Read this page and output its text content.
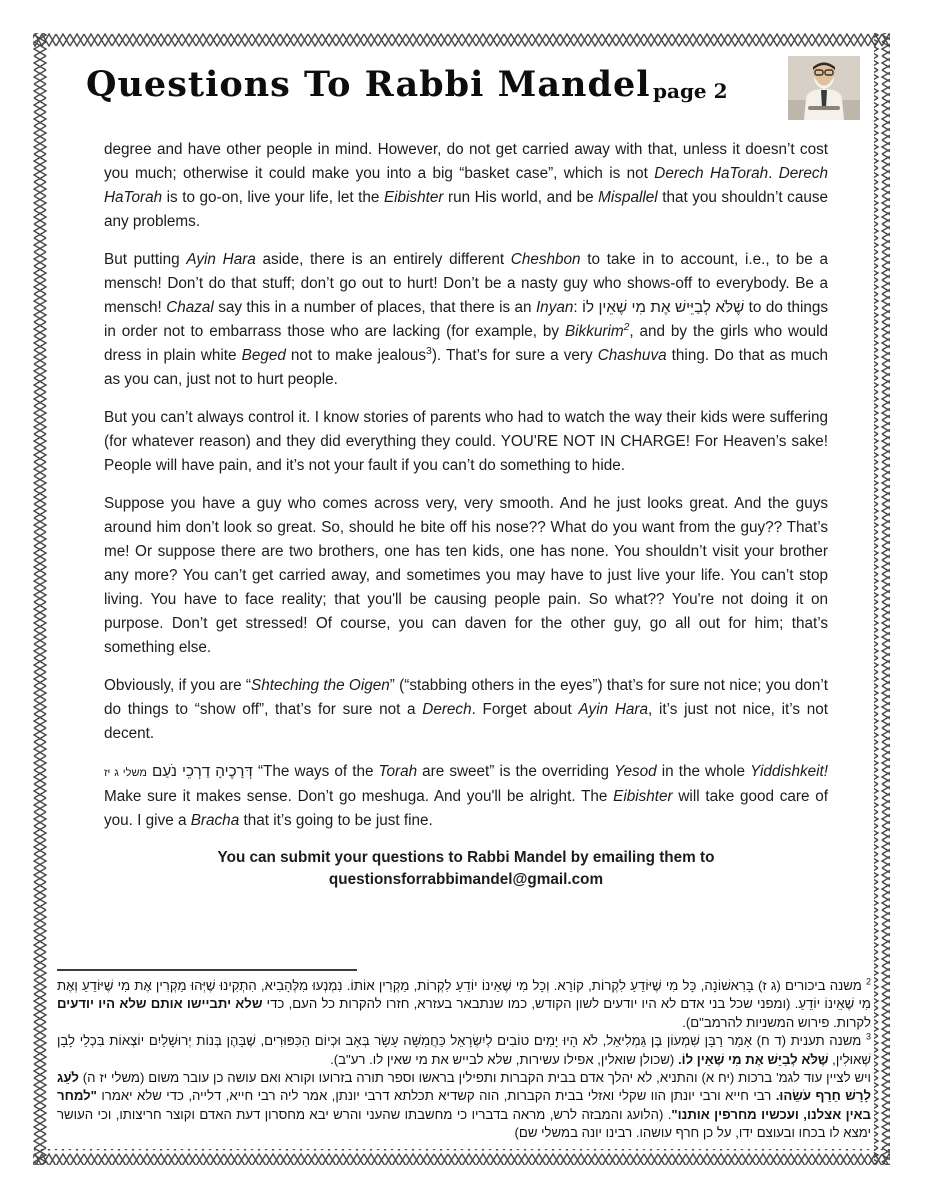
Questions To Rabbi Mandel page 2

degree and have other people in mind. However, do not get carried away with that, unless it doesn’t cost you much; otherwise it could make you into a big “basket case”, which is not Derech HaTorah. Derech HaTorah is to go-on, live your life, let the Eibishter run His world, and be Mispallel that you shouldn’t cause any problems.

But putting Ayin Hara aside, there is an entirely different Cheshbon to take in to account, i.e., to be a mensch! Don’t do that stuff; don’t go out to hurt! Don’t be a nasty guy who shows-off to everybody. Be a mensch! Chazal say this in a number of places, that there is an Inyan: שֶׁלֹּא לְבַיֵּישׁ אֶת מִי שֶׁאֵין לוֹ to do things in order not to embarrass those who are lacking (for example, by Bikkurim$^2$, and by the girls who would dress in plain white Beged not to make jealous$^3$). That’s for sure a very Chashuva thing. Do that as much as you can, just not to hurt people.

But you can’t always control it. I know stories of parents who had to watch the way their kids were suffering (for whatever reason) and they did everything they could. YOU'RE NOT IN CHARGE! For Heaven’s sake! People will have pain, and it’s not your fault if you can’t do something to hide.

Suppose you have a guy who comes across very, very smooth. And he just looks great. And the guys around him don’t look so great. So, should he bite off his nose?? What do you want from the guy?? That’s me! Or suppose there are two brothers, one has ten kids, one has none. You shouldn’t visit your brother any more? You can’t get carried away, and sometimes you may have to just live your life. You can’t stop living. You have to face reality; that you'll be causing people pain. So what?? You're not doing it on purpose. Don’t get stressed! Of course, you can daven for the other guy, go all out for him; that’s something else.

Obviously, if you are “Shteching the Oigen” (“stabbing others in the eyes”) that’s for sure not nice; you don’t do things to “show off”, that’s for sure not a Derech. Forget about Ayin Hara, it’s just not nice, it’s not decent.

דְּרָכֶיהָ דַרְכֵי נֹעַם משלי ג יז	“The ways of the Torah are sweet” is the overriding Yesod in the whole Yiddishkeit! Make sure it makes sense. Don’t go meshuga. And you'll be alright. The Eibishter will take good care of you. I give a Bracha that it’s going to be just fine.

You can submit your questions to Rabbi Mandel by emailing them to
questionsforrabbimandel@gmail.com
$^2$ משנה ביכורים (ג ז) בָּרִאשׁוֹנָה, כָּל מִי שֶׁיּוֹדֵעַ לִקְרוֹת, קוֹרֵא. וְכָל מִי שֶׁאֵינוֹ יוֹדֵעַ לִקְרוֹת, מַקְרִין אוֹתוֹ. נִמְנְעוּ מִלְּהָבִיא, הִתְקִינוּ שֶׁיְּהוּ מַקְרִין אֶת מִי שֶׁיּוֹדֵעַ וְאֶת מִי שֶׁאֵינוֹ יוֹדֵעַ. (ומפני שכל בני אדם לא היו יודעים לשון הקודש, כמו שנתבאר בעזרא, חזרו להקרות כל העם, כדי שלא יתביישו אותם שלא היו יודעים לקרות. פירוש המשניות להרמב"ם).
$^3$ משנה תענית (ד ח) אָמַר רַבָּן שִׁמְעוֹן בֶּן גַּמְלִיאֵל, לֹא הָיוּ יָמִים טוֹבִים לְיִשְׂרָאֵל כַּחֲמִשָּׁה עָשָׂר בְּאָב וּכְיוֹם הַכִּפּוּרִים, שֶׁבָּהֶן בְּנוֹת יְרוּשָׁלַיִם יוֹצְאוֹת בִּכְלֵי לָבָן שְׁאוּלִין, שֶׁלֹּא לְבַיֵּשׁ אֶת מִי שֶׁאֵין לוֹ. (שכולן שואלין, אפילו עשירות, שלא לבייש את מי שאין לו. רע"ב).
ויש לציין עוד לגמ' ברכות (יח א) והתניא, לא יהלך אדם בבית הקברות ותפילין בראשו וספר תורה בזרועו וקורא ואם עושה כן עובר משום (משלי יז ה) לֹעֵג לָרָשׁ חֵרֵף עֹשֵׂהוּ. רבי חייא ורבי יונתן הוו שקלי ואזלי בבית הקברות, הוה קשדיא תכלתא דרבי יונתן, אמר ליה רבי חייא, דלייה, כדי שלא יאמרו "למחר באין אצלנו, ועכשיו מחרפין אותנו". (הלועג והמבזה לרש, מראה בדבריו כי מחשבתו שהעני והרש יבא מחסרון דעת האדם וקוצר חריצותו, וכי העושר ימצא לו בכחו ובעוצם ידו, על כן חרף עושהו. רבינו יונה במשלי שם)
